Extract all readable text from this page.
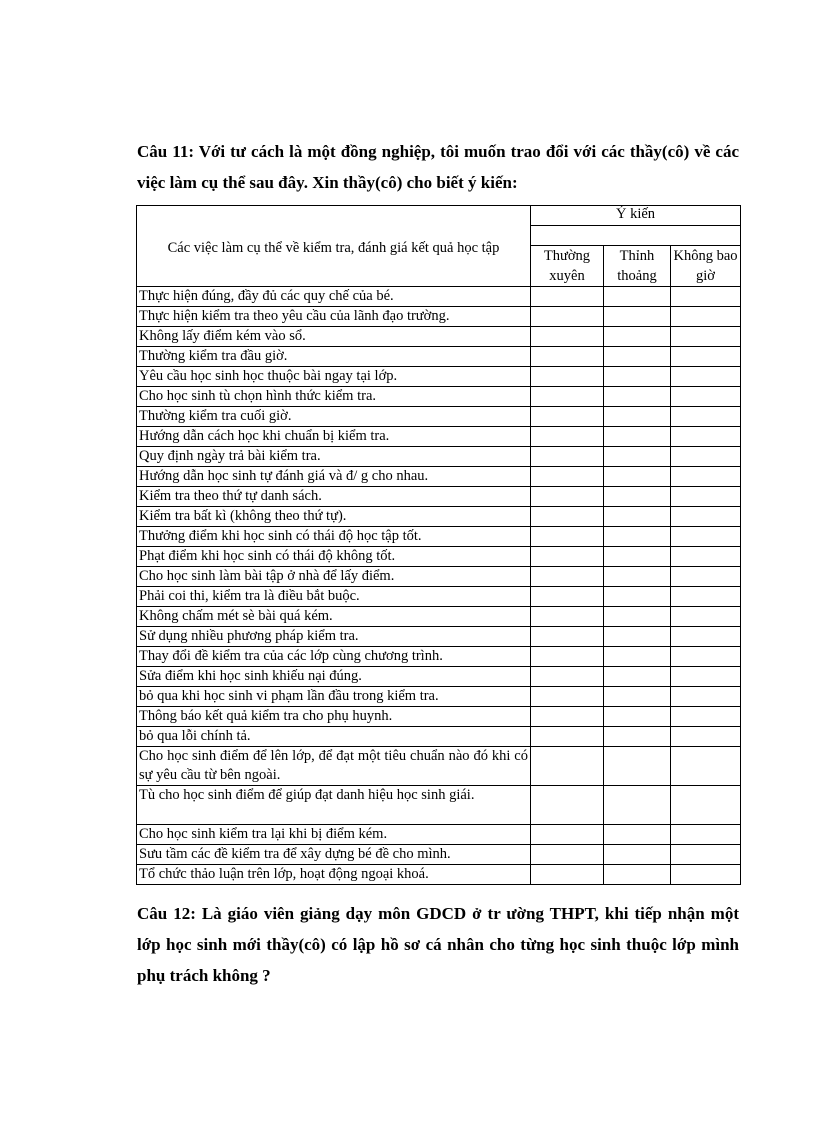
Câu 11: Với tư cách là một đồng nghiệp, tôi muốn trao đổi với các thầy(cô) về các việc làm cụ thể sau đây. Xin thầy(cô) cho biết ý kiến:

Các việc làm cụ thể về kiểm tra, đánh giá kết quả học tập	Ý kiến		

	Thường xuyên	Thỉnh thoảng	Không bao giờ
Thực hiện đúng, đầy đủ các quy chế của bé.			
Thực hiện kiểm tra theo yêu cầu của lãnh đạo trường.			
Không lấy điểm kém vào sổ.			
Thường kiểm tra đầu giờ.			
Yêu cầu học sinh học thuộc bài ngay tại lớp.			
Cho học sinh tù chọn hình thức kiểm tra.			
Thường kiểm tra cuối giờ.			
Hướng dẫn cách học khi chuẩn bị kiểm tra.			
Quy định ngày trả bài kiểm tra.			
Hướng dẫn học sinh tự đánh giá và đ/ g cho nhau.			
Kiểm tra theo thứ tự danh sách.			
Kiểm tra bất kì (không theo thứ tự).			
Thưởng điểm khi học sinh có thái độ học tập tốt.			
Phạt điểm khi học sinh có thái độ không tốt.			
Cho học sinh làm bài tập ở nhà để lấy điểm.			
Phải coi thi, kiểm tra là điều bắt buộc.			
Không chấm mét sè bài quá kém.			
Sử dụng nhiều phương pháp kiểm tra.			
Thay đổi đề kiểm tra của các lớp cùng chương trình.			
Sửa điểm khi học sinh khiếu nại đúng.			
bỏ qua khi học sinh vi phạm lần đầu trong kiểm tra.			
Thông báo kết quả kiểm tra cho phụ huynh.			
bỏ qua lỗi chính tả.			
Cho học sinh điểm để lên lớp, để đạt một tiêu chuẩn nào đó khi có sự yêu cầu từ bên ngoài.			
Tù cho học sinh điểm để giúp đạt danh hiệu học sinh giái.			
Cho học sinh kiểm tra lại khi bị điểm kém.			
Sưu tầm các đề kiểm tra để xây dựng bé đề cho mình.			
Tổ chức thảo luận trên lớp, hoạt động ngoại khoá.			

Câu 12: Là giáo viên giảng dạy môn GDCD ở tr ường THPT, khi tiếp nhận một lớp học sinh mới thầy(cô) có lập hồ sơ cá nhân cho từng học sinh thuộc lớp mình phụ trách không ?
